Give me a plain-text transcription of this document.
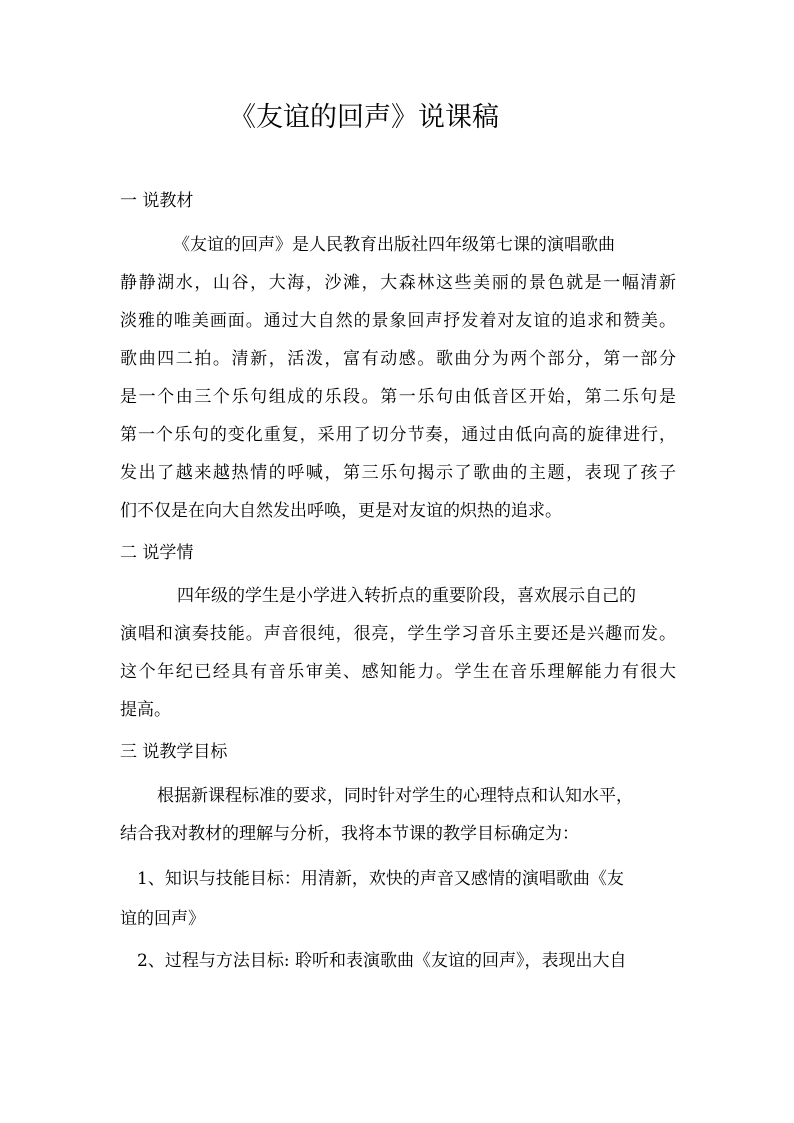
《友谊的回声》说课稿
一 说教材
《友谊的回声》是人民教育出版社四年级第七课的演唱歌曲
静静湖水，山谷，大海，沙滩，大森林这些美丽的景色就是一幅清新
淡雅的唯美画面。通过大自然的景象回声抒发着对友谊的追求和赞美。
歌曲四二拍。清新，活泼，富有动感。歌曲分为两个部分，第一部分
是一个由三个乐句组成的乐段。第一乐句由低音区开始，第二乐句是
第一个乐句的变化重复，采用了切分节奏，通过由低向高的旋律进行，
发出了越来越热情的呼喊，第三乐句揭示了歌曲的主题，表现了孩子
们不仅是在向大自然发出呼唤，更是对友谊的炽热的追求。
二 说学情
四年级的学生是小学进入转折点的重要阶段，喜欢展示自己的
演唱和演奏技能。声音很纯，很亮，学生学习音乐主要还是兴趣而发。
这个年纪已经具有音乐审美、感知能力。学生在音乐理解能力有很大
提高。
三 说教学目标
根据新课程标准的要求，同时针对学生的心理特点和认知水平，
结合我对教材的理解与分析，我将本节课的教学目标确定为：
1、知识与技能目标：用清新，欢快的声音又感情的演唱歌曲《友
谊的回声》
2、过程与方法目标: 聆听和表演歌曲《友谊的回声》，表现出大自
